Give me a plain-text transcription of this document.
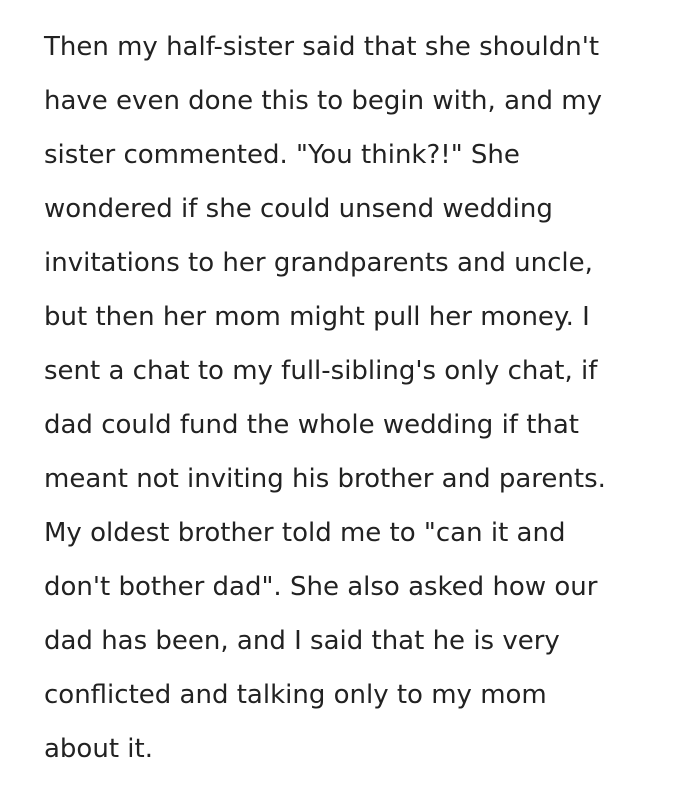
Then my half-sister said that she shouldn't
have even done this to begin with, and my
sister commented. "You think?!" She
wondered if she could unsend wedding
invitations to her grandparents and uncle,
but then her mom might pull her money. I
sent a chat to my full-sibling's only chat, if
dad could fund the whole wedding if that
meant not inviting his brother and parents.
My oldest brother told me to "can it and
don't bother dad". She also asked how our
dad has been, and I said that he is very
conflicted and talking only to my mom
about it.
